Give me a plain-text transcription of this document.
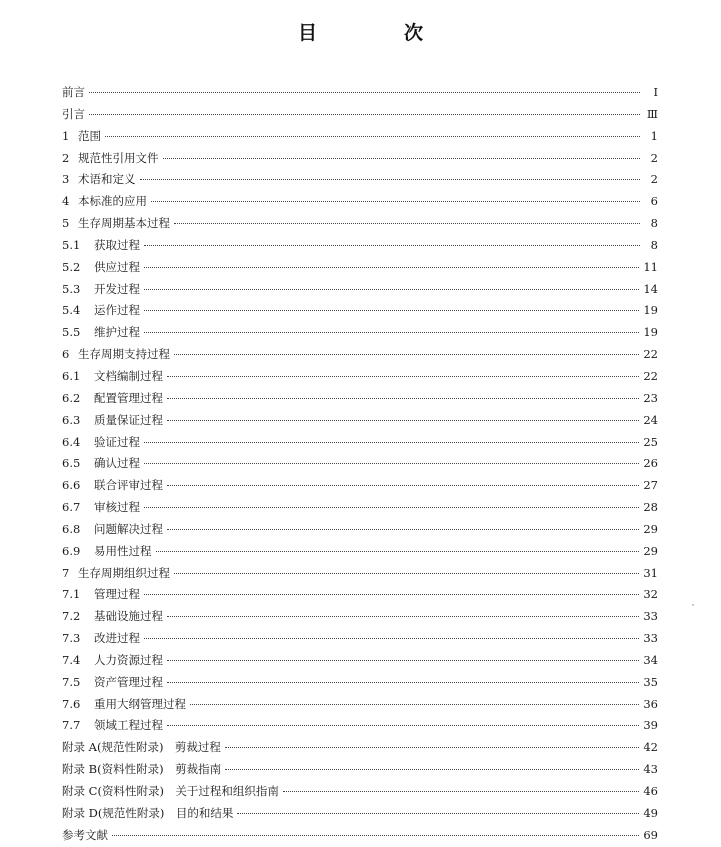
目　次
前言	Ⅰ
引言	Ⅲ
1 范围	1
2 规范性引用文件	2
3 术语和定义	2
4 本标准的应用	6
5 生存周期基本过程	8
5.1	获取过程	8
5.2	供应过程	11
5.3	开发过程	14
5.4	运作过程	19
5.5	维护过程	19
6 生存周期支持过程	22
6.1	文档编制过程	22
6.2	配置管理过程	23
6.3	质量保证过程	24
6.4	验证过程	25
6.5	确认过程	26
6.6	联合评审过程	27
6.7	审核过程	28
6.8	问题解决过程	29
6.9	易用性过程	29
7 生存周期组织过程	31
7.1	管理过程	32
7.2	基础设施过程	33
7.3	改进过程	33
7.4	人力资源过程	34
7.5	资产管理过程	35
7.6	重用大纲管理过程	36
7.7	领域工程过程	39
附录 A(规范性附录)　剪裁过程	42
附录 B(资料性附录)　剪裁指南	43
附录 C(资料性附录)　关于过程和组织指南	46
附录 D(规范性附录)　目的和结果	49
参考文献	69
